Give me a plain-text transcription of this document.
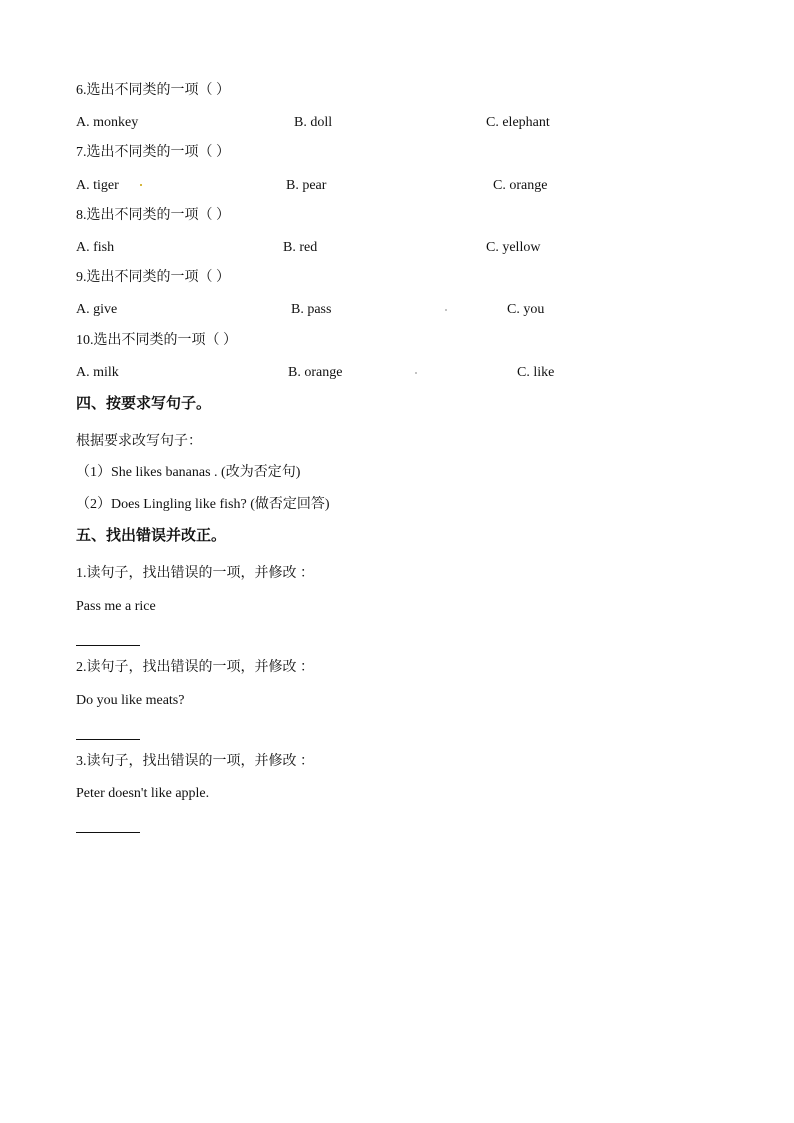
6.选出不同类的一项（ ）
A. monkey	B. doll	C. elephant
7.选出不同类的一项（ ）
A. tiger	B. pear	C. orange
8.选出不同类的一项（ ）
A. fish	B. red	C. yellow
9.选出不同类的一项（ ）
A. give	B. pass	C. you
10.选出不同类的一项（ ）
A. milk	B. orange	C. like
四、按要求写句子。
根据要求改写句子：
（1）She likes bananas . (改为否定句)
（2）Does Lingling like fish? (做否定回答)
五、找出错误并改正。
1.读句子，找出错误的一项，并修改 ：
Pass me a rice
2.读句子，找出错误的一项，并修改 ：
Do you like meats?
3.读句子，找出错误的一项，并修改 ：
Peter doesn't like apple.
